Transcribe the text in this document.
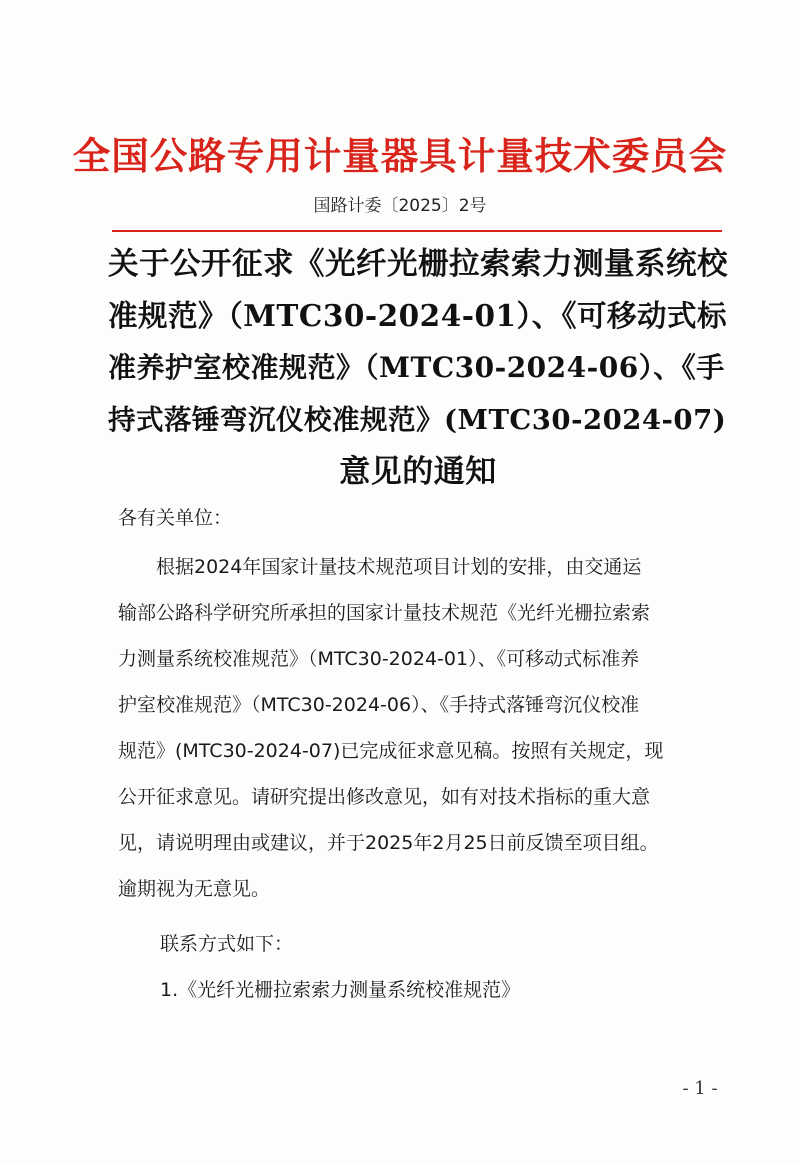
全国公路专用计量器具计量技术委员会
国路计委〔2025〕2号
关于公开征求《光纤光栅拉索索力测量系统校
准规范》（MTC30-2024-01）、《可移动式标
准养护室校准规范》（MTC30-2024-06）、《手
持式落锤弯沉仪校准规范》(MTC30-2024-07)
意见的通知
各有关单位：
　　根据2024年国家计量技术规范项目计划的安排，由交通运
输部公路科学研究所承担的国家计量技术规范《光纤光栅拉索索
力测量系统校准规范》（MTC30-2024-01）、《可移动式标准养
护室校准规范》（MTC30-2024-06）、《手持式落锤弯沉仪校准
规范》(MTC30-2024-07)已完成征求意见稿。按照有关规定，现
公开征求意见。请研究提出修改意见，如有对技术指标的重大意
见，请说明理由或建议，并于2025年2月25日前反馈至项目组。
逾期视为无意见。
联系方式如下：
1.《光纤光栅拉索索力测量系统校准规范》
- 1 -
